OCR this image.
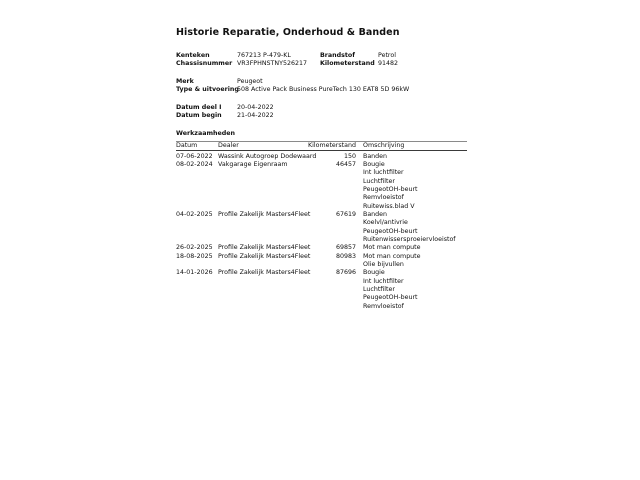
Historie Reparatie, Onderhoud & Banden
Kenteken	767213 P-479-KL	Brandstof	Petrol
Chassisnummer VR3FPHNSTNY526217	Kilometerstand 91482
Merk	Peugeot
Type & uitvoering
508 Active Pack Business PureTech 130 EAT8 5D 96kW
Datum deel I	20-04-2022
Datum begin	21-04-2022
Werkzaamheden
Datum	Dealer	Kilometerstand	Omschrijving
07-06-2022 Wassink Autogroep Dodewaard	150 Banden
08-02-2024 Vakgarage Eigenraam	46457 Bougie
Int luchtfilter
Luchtfilter
PeugeotOH-beurt
Remvloeistof
Ruitewiss.blad V
04-02-2025 Profile Zakelijk Masters4Fleet	67619 Banden
Koelvl/antivrie
PeugeotOH-beurt
Ruitenwissersproeiervloeistof
26-02-2025 Profile Zakelijk Masters4Fleet	69857 Mot man compute
18-08-2025 Profile Zakelijk Masters4Fleet	80983 Mot man compute
Olie bijvullen
14-01-2026 Profile Zakelijk Masters4Fleet	87696 Bougie
Int luchtfilter
Luchtfilter
PeugeotOH-beurt
Remvloeistof
